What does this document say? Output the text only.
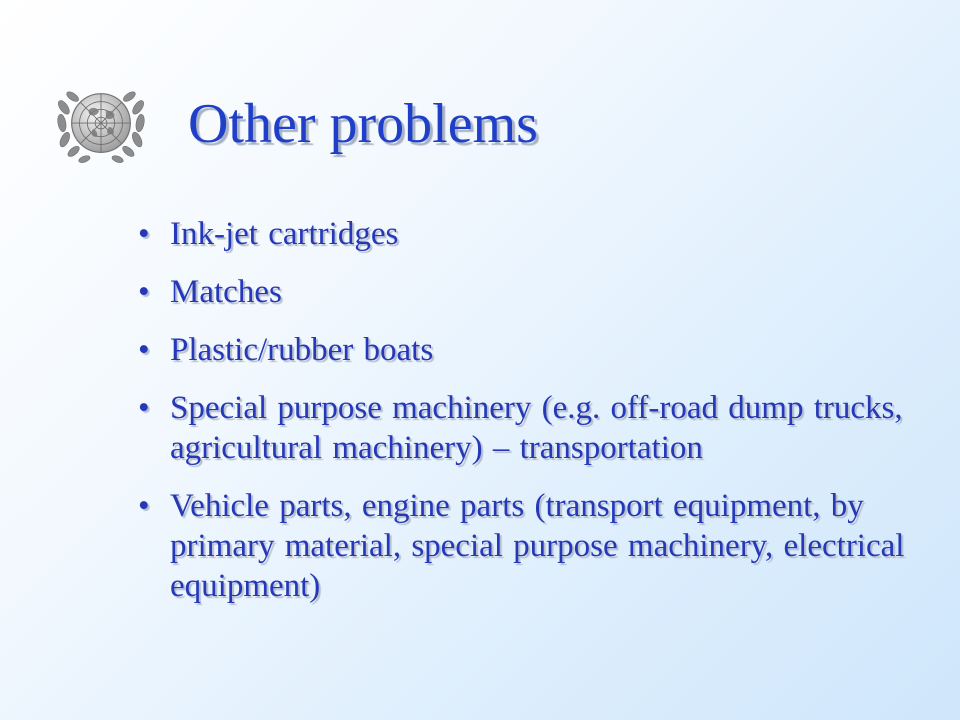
Other problems
• Ink-jet cartridges
• Matches
• Plastic/rubber boats
• Special purpose machinery (e.g. off-road dump trucks, agricultural machinery) – transportation
• Vehicle parts, engine parts (transport equipment, by primary material, special purpose machinery, electrical equipment)
